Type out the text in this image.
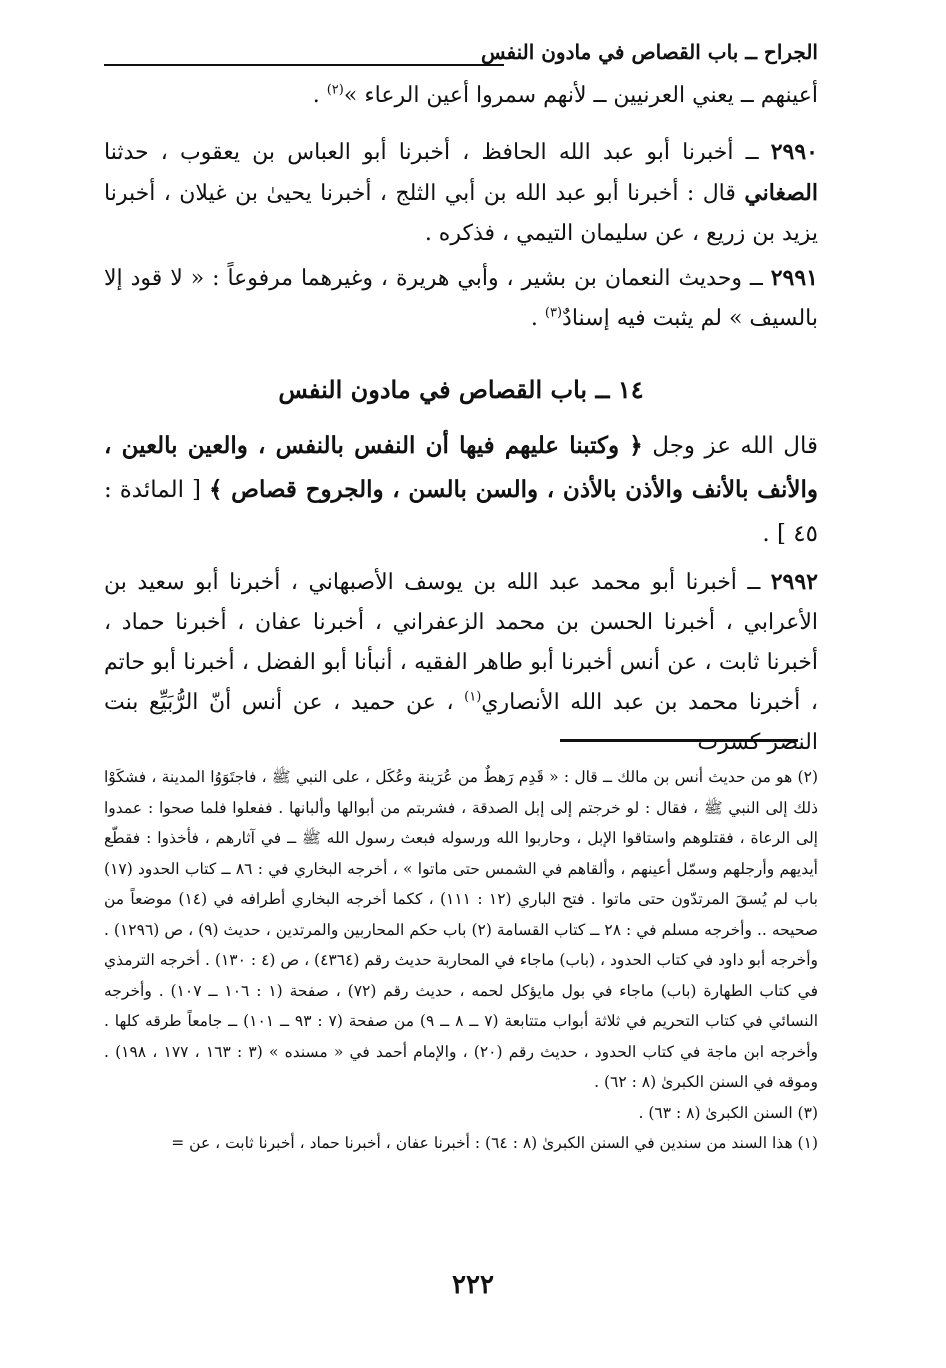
الجراح ــ باب القصاص في مادون النفس
أعينهم ــ يعني العرنيين ــ لأنهم سمروا أعين الرعاء »$^{(٢)}$ .
٢٩٩٠ ــ أخبرنا أبو عبد الله الحافظ ، أخبرنا أبو العباس بن يعقوب ، حدثنا الصغاني قال : أخبرنا أبو عبد الله بن أبي الثلج ، أخبرنا يحيىٰ بن غيلان ، أخبرنا يزيد بن زريع ، عن سليمان التيمي ، فذكره .
٢٩٩١ ــ وحديث النعمان بن بشير ، وأبي هريرة ، وغيرهما مرفوعاً : « لا قود إلا بالسيف » لم يثبت فيه إسنادٌ$^{(٣)}$ .
١٤ ــ باب القصاص في مادون النفس
قال الله عز وجل ﴿ وكتبنا عليهم فيها أن النفس بالنفس ، والعين بالعين ، والأنف بالأنف والأذن بالأذن ، والسن بالسن ، والجروح قصاص ﴾ [ المائدة : ٤٥ ] .
٢٩٩٢ ــ أخبرنا أبو محمد عبد الله بن يوسف الأصبهاني ، أخبرنا أبو سعيد بن الأعرابي ، أخبرنا الحسن بن محمد الزعفراني ، أخبرنا عفان ، أخبرنا حماد ، أخبرنا ثابت ، عن أنس أخبرنا أبو طاهر الفقيه ، أنبأنا أبو الفضل ، أخبرنا أبو حاتم ، أخبرنا محمد بن عبد الله الأنصاري$^{(١)}$ ، عن حميد ، عن أنس أنّ الرُّبَيِّع بنت النضر كسرت

(٢) هو من حديث أنس بن مالك ــ قال : « قَدِم رَهطٌ من عُرَينة وعُكَل ، على النبي ﷺ ، فاجتَوَوُا المدينة ، فشكَوْا ذلك إلى النبي ﷺ ، فقال : لو خرجتم إلى إبل الصدقة ، فشربتم من أبوالها وألبانها . ففعلوا فلما صحوا : عمدوا إلى الرعاة ، فقتلوهم واستاقوا الإبل ، وحاربوا الله ورسوله فبعث رسول الله ﷺ ــ في آثارهم ، فأخذوا : فقطّع أيديهم وأرجلهم وسمّل أعينهم ، وألقاهم في الشمس حتى ماتوا » ، أخرجه البخاري في : ٨٦ ــ كتاب الحدود (١٧) باب لم يُسقَ المرتدّون حتى ماتوا . فتح الباري (١٢ : ١١١) ، ككما أخرجه البخاري أطرافه في (١٤) موضعاً من صحيحه .. وأخرجه مسلم في : ٢٨ ــ كتاب القسامة (٢) باب حكم المحاربين والمرتدين ، حديث (٩) ، ص (١٢٩٦) . وأخرجه أبو داود في كتاب الحدود ، (باب) ماجاء في المحاربة حديث رقم (٤٣٦٤) ، ص (٤ : ١٣٠) . أخرجه الترمذي في كتاب الطهارة (باب) ماجاء في بول مايؤكل لحمه ، حديث رقم (٧٢) ، صفحة (١ : ١٠٦ ــ ١٠٧) . وأخرجه النسائي في كتاب التحريم في ثلاثة أبواب متتابعة (٧ ــ ٨ ــ ٩) من صفحة (٧ : ٩٣ ــ ١٠١) ــ جامعاً طرقه كلها . وأخرجه ابن ماجة في كتاب الحدود ، حديث رقم (٢٠) ، والإمام أحمد في « مسنده » (٣ : ١٦٣ ، ١٧٧ ، ١٩٨) . وموقه في السنن الكبرىٰ (٨ : ٦٢) .

(٣) السنن الكبرىٰ (٨ : ٦٣) .

(١) هذا السند من سندين في السنن الكبرىٰ (٨ : ٦٤) : أخبرنا عفان ، أخبرنا حماد ، أخبرنا ثابت ، عن =

٢٢٢
